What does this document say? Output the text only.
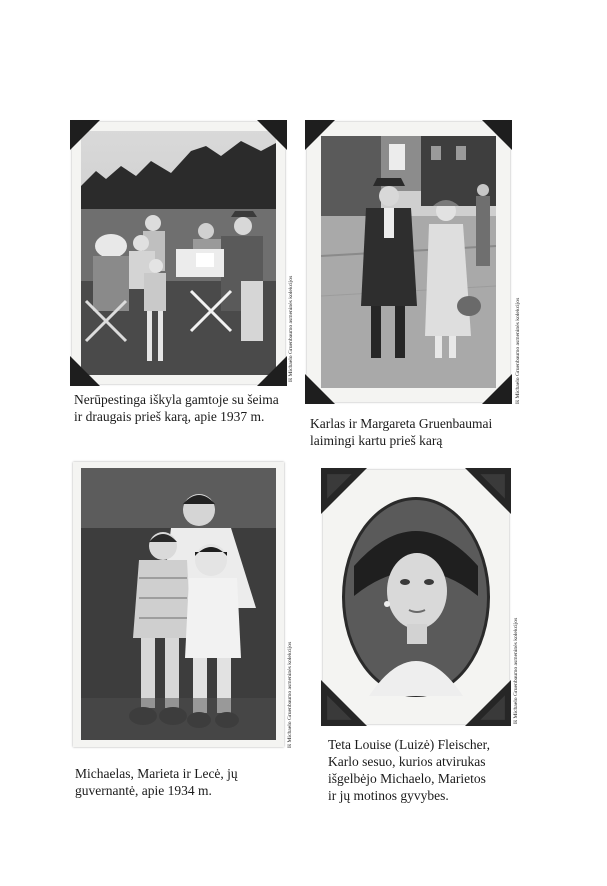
Iš Michaelo Gruenbaumo asmeninės kolekcijos
Nerūpestinga iškyla gamtoje su šeima
ir draugais prieš karą, apie 1937 m.
Iš Michaelo Gruenbaumo asmeninės kolekcijos
Karlas ir Margareta Gruenbaumai
laimingi kartu prieš karą
Iš Michaelo Gruenbaumo asmeninės kolekcijos
Michaelas, Marieta ir Lecė, jų
guvernantė, apie 1934 m.
Iš Michaelo Gruenbaumo asmeninės kolekcijos
Teta Louise (Luizė) Fleischer,
Karlo sesuo, kurios atvirukas
išgelbėjo Michaelo, Marietos
ir jų motinos gyvybes.
